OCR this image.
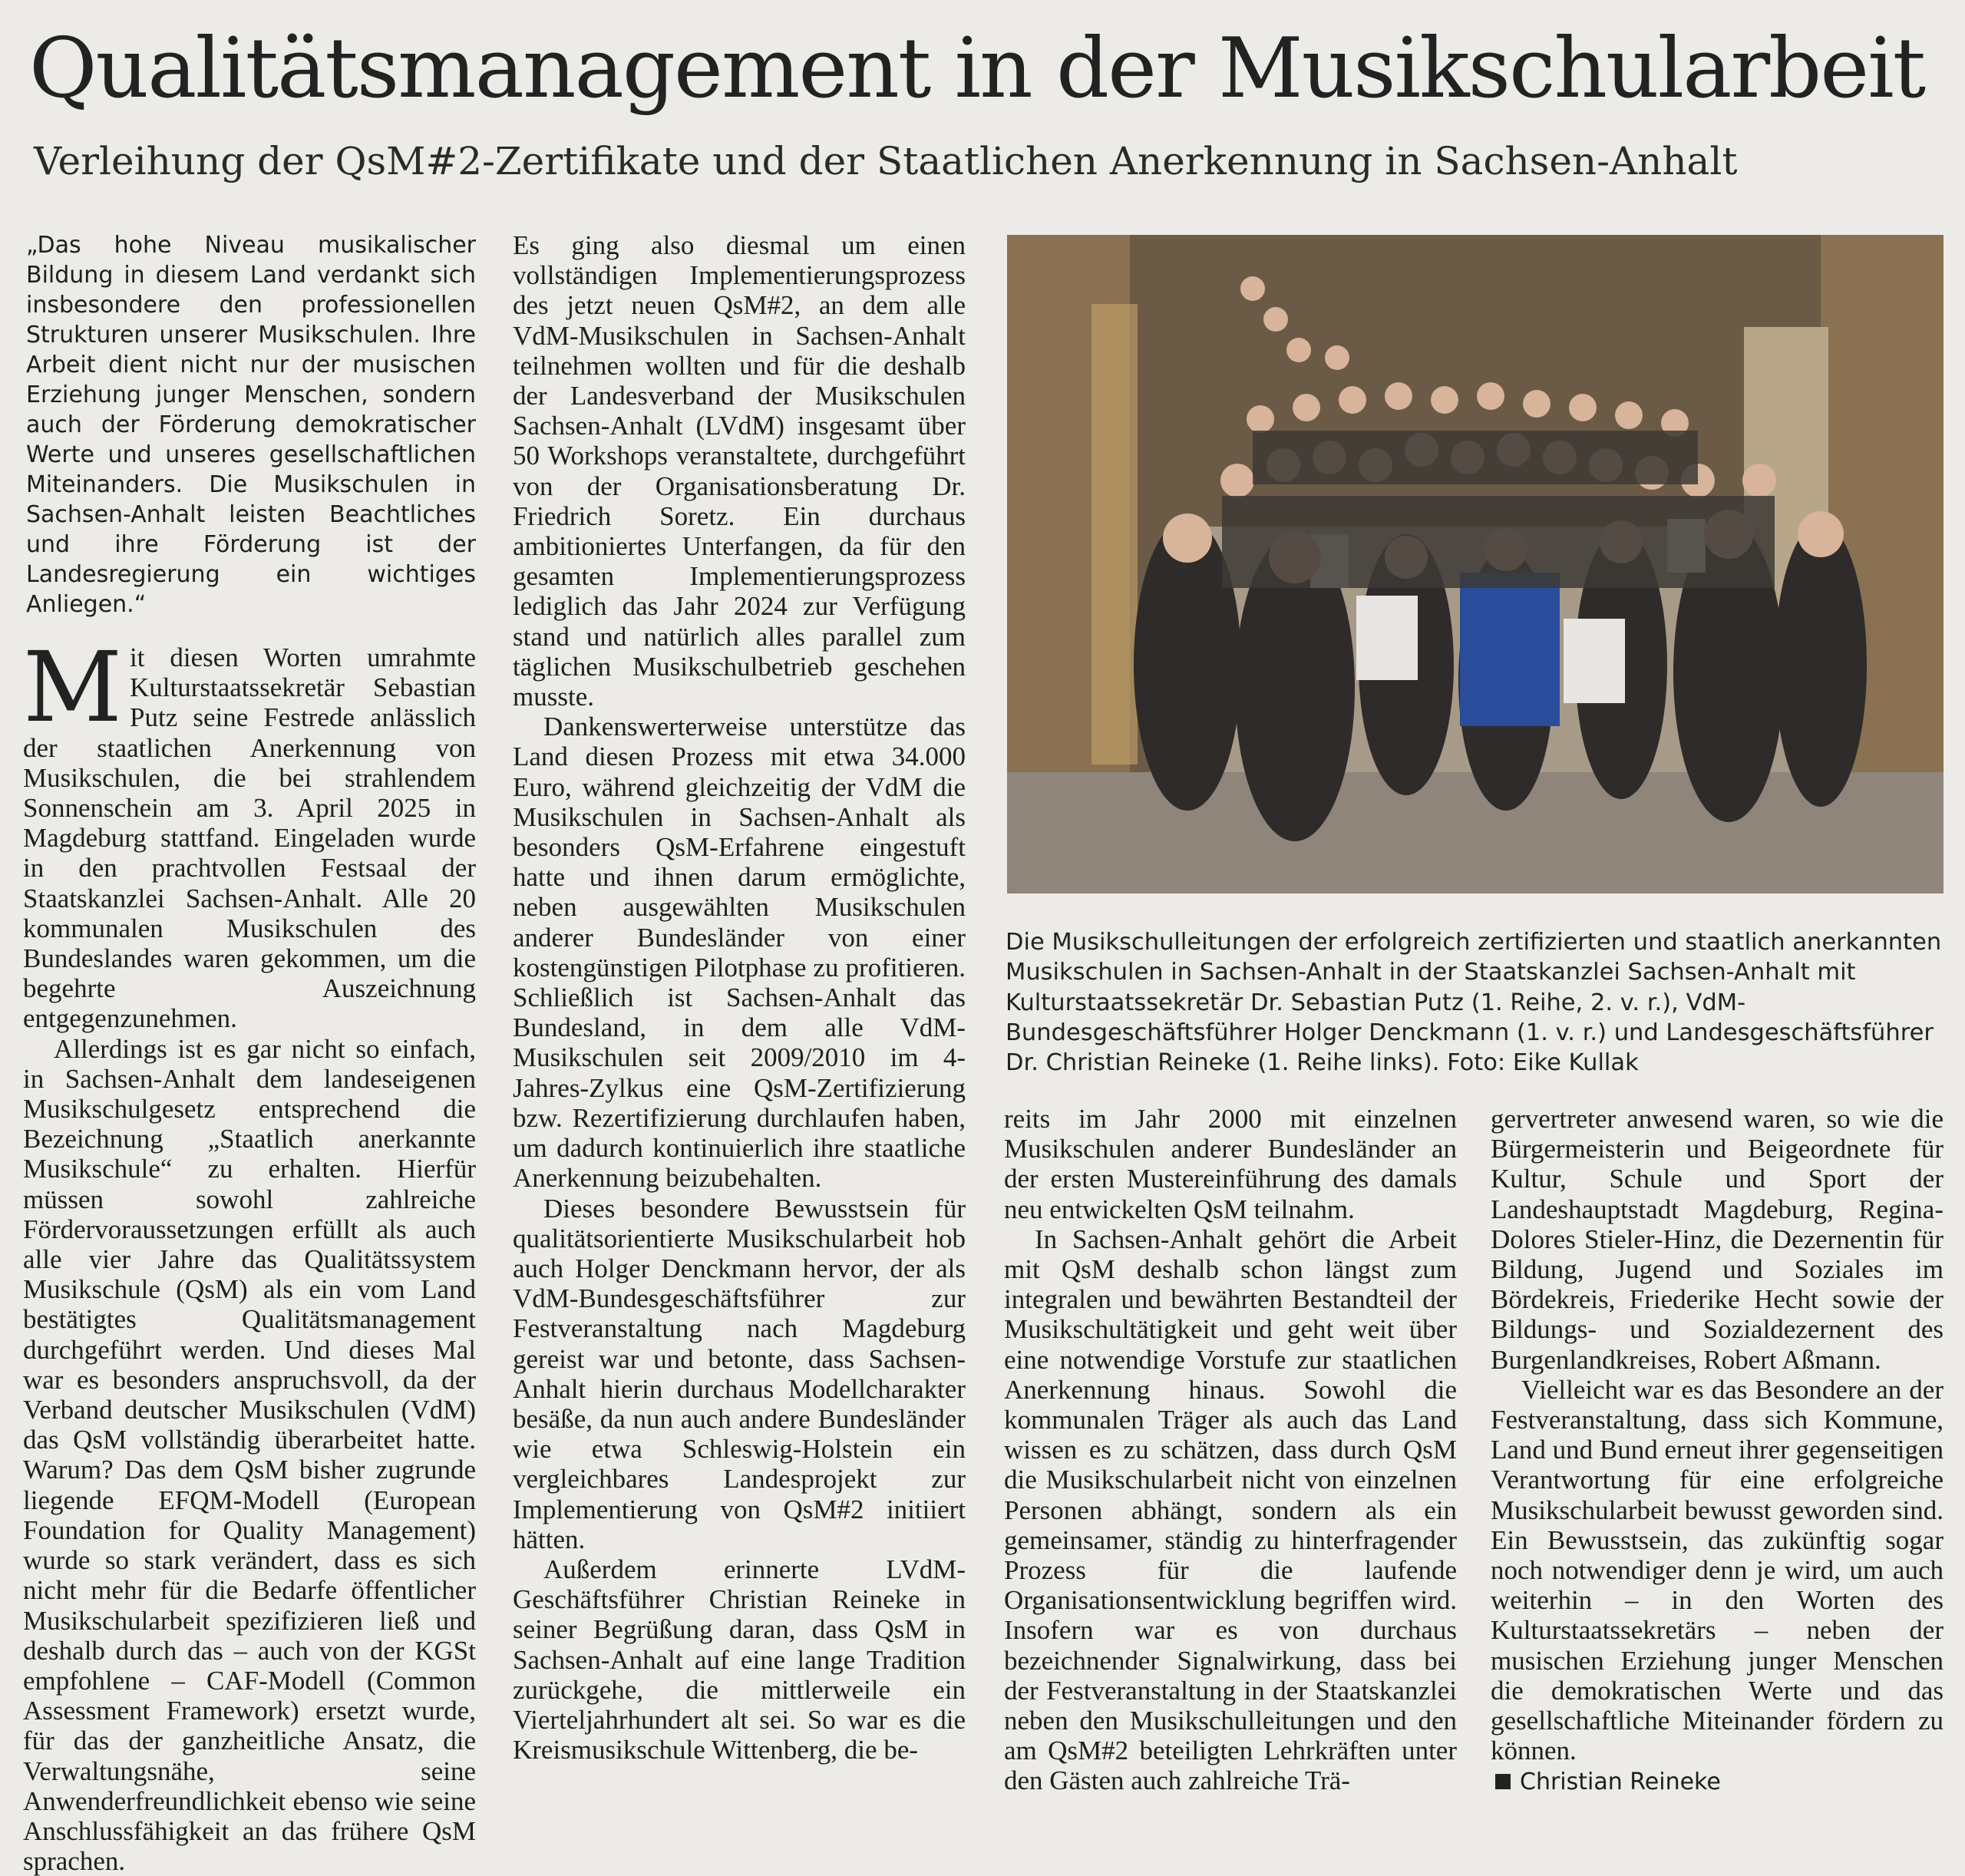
Qualitätsmanagement in der Musikschularbeit
Verleihung der QsM#2-Zertifikate und der Staatlichen Anerkennung in Sachsen-Anhalt
„Das hohe Niveau musikalischer Bildung in diesem Land verdankt sich insbesondere den professionellen Strukturen unserer Musikschulen. Ihre Arbeit dient nicht nur der musischen Erziehung junger Menschen, sondern auch der Förderung demokratischer Werte und unseres gesellschaftlichen Miteinanders. Die Musikschulen in Sachsen-Anhalt leisten Beachtliches und ihre Förderung ist der Landesregierung ein wichtiges Anliegen.“

Mit diesen Worten umrahmte Kulturstaatssekretär Sebastian Putz seine Festrede anlässlich der staatlichen Anerkennung von Musikschulen, die bei strahlendem Sonnenschein am 3. April 2025 in Magdeburg stattfand. Eingeladen wurde in den prachtvollen Festsaal der Staatskanzlei Sachsen-Anhalt. Alle 20 kommunalen Musikschulen des Bundeslandes waren gekommen, um die begehrte Auszeichnung entgegenzunehmen.

Allerdings ist es gar nicht so einfach, in Sachsen-Anhalt dem landeseigenen Musikschulgesetz entsprechend die Bezeichnung „Staatlich anerkannte Musikschule“ zu erhalten. Hierfür müssen sowohl zahlreiche Fördervoraussetzungen erfüllt als auch alle vier Jahre das Qualitätssystem Musikschule (QsM) als ein vom Land bestätigtes Qualitätsmanagement durchgeführt werden. Und dieses Mal war es besonders anspruchsvoll, da der Verband deutscher Musikschulen (VdM) das QsM vollständig überarbeitet hatte. Warum? Das dem QsM bisher zugrunde liegende EFQM-Modell (European Foundation for Quality Management) wurde so stark verändert, dass es sich nicht mehr für die Bedarfe öffentlicher Musikschularbeit spezifizieren ließ und deshalb durch das – auch von der KGSt empfohlene – CAF-Modell (Common Assessment Framework) ersetzt wurde, für das der ganzheitliche Ansatz, die Verwaltungsnähe, seine Anwenderfreundlichkeit ebenso wie seine Anschlussfähigkeit an das frühere QsM sprachen.

Es ging also diesmal um einen vollständigen Implementierungsprozess des jetzt neuen QsM#2, an dem alle VdM-Musikschulen in Sachsen-Anhalt teilnehmen wollten und für die deshalb der Landesverband der Musikschulen Sachsen-Anhalt (LVdM) insgesamt über 50 Workshops veranstaltete, durchgeführt von der Organisationsberatung Dr. Friedrich Soretz. Ein durchaus ambitioniertes Unterfangen, da für den gesamten Implementierungsprozess lediglich das Jahr 2024 zur Verfügung stand und natürlich alles parallel zum täglichen Musikschulbetrieb geschehen musste.

Dankenswerterweise unterstütze das Land diesen Prozess mit etwa 34.000 Euro, während gleichzeitig der VdM die Musikschulen in Sachsen-Anhalt als besonders QsM-Erfahrene eingestuft hatte und ihnen darum ermöglichte, neben ausgewählten Musikschulen anderer Bundesländer von einer kostengünstigen Pilotphase zu profitieren. Schließlich ist Sachsen-Anhalt das Bundesland, in dem alle VdM-Musikschulen seit 2009/2010 im 4-Jahres-Zylkus eine QsM-Zertifizierung bzw. Rezertifizierung durchlaufen haben, um dadurch kontinuierlich ihre staatliche Anerkennung beizubehalten.

Dieses besondere Bewusstsein für qualitätsorientierte Musikschularbeit hob auch Holger Denckmann hervor, der als VdM-Bundesgeschäftsführer zur Festveranstaltung nach Magdeburg gereist war und betonte, dass Sachsen-Anhalt hierin durchaus Modellcharakter besäße, da nun auch andere Bundesländer wie etwa Schleswig-Holstein ein vergleichbares Landesprojekt zur Implementierung von QsM#2 initiiert hätten.

Außerdem erinnerte LVdM-Geschäftsführer Christian Reineke in seiner Begrüßung daran, dass QsM in Sachsen-Anhalt auf eine lange Tradition zurückgehe, die mittlerweile ein Vierteljahrhundert alt sei. So war es die Kreismusikschule Wittenberg, die be-

Die Musikschulleitungen der erfolgreich zertifizierten und staatlich anerkannten Musikschulen in Sachsen-Anhalt in der Staatskanzlei Sachsen-Anhalt mit Kulturstaatssekretär Dr. Sebastian Putz (1. Reihe, 2. v. r.), VdM-Bundesgeschäftsführer Holger Denckmann (1. v. r.) und Landesgeschäftsführer Dr. Christian Reineke (1. Reihe links). Foto: Eike Kullak

reits im Jahr 2000 mit einzelnen Musikschulen anderer Bundesländer an der ersten Mustereinführung des damals neu entwickelten QsM teilnahm.

In Sachsen-Anhalt gehört die Arbeit mit QsM deshalb schon längst zum integralen und bewährten Bestandteil der Musikschultätigkeit und geht weit über eine notwendige Vorstufe zur staatlichen Anerkennung hinaus. Sowohl die kommunalen Träger als auch das Land wissen es zu schätzen, dass durch QsM die Musikschularbeit nicht von einzelnen Personen abhängt, sondern als ein gemeinsamer, ständig zu hinterfragender Prozess für die laufende Organisationsentwicklung begriffen wird. Insofern war es von durchaus bezeichnender Signalwirkung, dass bei der Festveranstaltung in der Staatskanzlei neben den Musikschulleitungen und den am QsM#2 beteiligten Lehrkräften unter den Gästen auch zahlreiche Trä-

gervertreter anwesend waren, so wie die Bürgermeisterin und Beigeordnete für Kultur, Schule und Sport der Landeshauptstadt Magdeburg, Regina-Dolores Stieler-Hinz, die Dezernentin für Bildung, Jugend und Soziales im Bördekreis, Friederike Hecht sowie der Bildungs- und Sozialdezernent des Burgenlandkreises, Robert Aßmann.

Vielleicht war es das Besondere an der Festveranstaltung, dass sich Kommune, Land und Bund erneut ihrer gegenseitigen Verantwortung für eine erfolgreiche Musikschularbeit bewusst geworden sind. Ein Bewusstsein, das zukünftig sogar noch notwendiger denn je wird, um auch weiterhin – in den Worten des Kulturstaatssekretärs – neben der musischen Erziehung junger Menschen die demokratischen Werte und das gesellschaftliche Miteinander fördern zu können.

Christian Reineke
